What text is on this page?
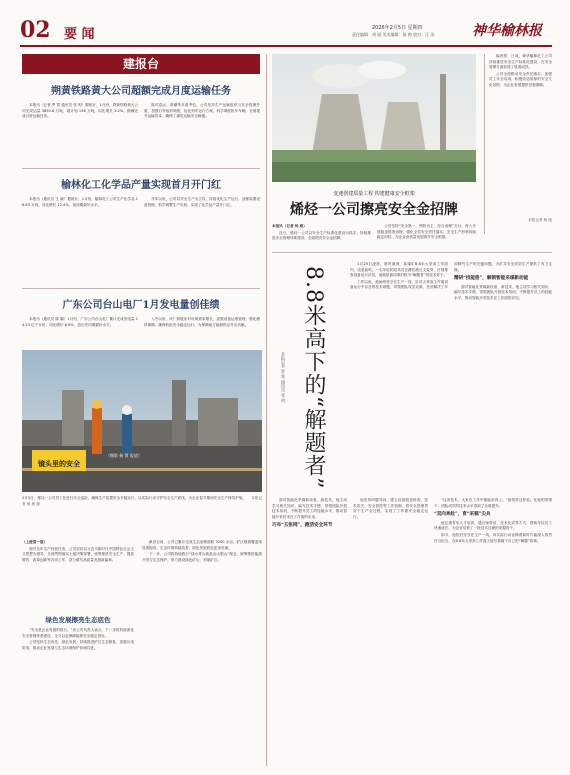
02 要 闻	2026年2月5日 星期四
责任编辑：胡 丽 美术编辑：杨 梅 校对：汪 洛	神华榆林报
建报台
朔黄铁路黄大公司超额完成月度运输任务

本报讯（记者 罗 霄 通讯员 张 明）据统计，1月份，朔黄铁路黄大公司完成运量 3850.6 万吨，超计划 156 万吨，同比增长 3.2%，圆满完成月度运输任务。

面对春运、寒潮等多重考验，公司坚持生产运输组织与安全管理并重，加强行车组织调度，优化列车运行方案，科学调度机车车辆，全面提升运输效率，确保了煤炭运输安全畅通。

榆林化工化学品产量实现首月开门红

本报讯（通讯员 王 晓）据统计，1月份，榆林化工公司生产化学品 16.83 万吨，同比增长 12.4%，创同期最好水平。

今年以来，公司以安全生产为主线，持续优化生产运行，加强装置设备管理，科学调整生产负荷，实现了化学品产量开门红。

广东公司台山电厂1月发电量创佳绩

本报讯（通讯员 陈 鹏）1月份，广东公司台山电厂累计完成发电量 14.53 亿千瓦时，同比增长 8.9%，创历史同期最好水平。

入冬以来，该厂积极应对负荷需求增长，加强设备运维管理，强化燃料保障，确保机组安全稳定运行，为保障地方能源供应作出贡献。

镜头里的安全
（摄影 杨 霄 报道）
2月5日，烯烃一公司员工在进行安全巡检，确保生产装置安全平稳运行，以实际行动守护安全生产底线，为企业春节期间安全生产保驾护航。 本报记者 杨 威 摄

（上接第一版）

面对全年生产经营任务，公司坚持以习近平新时代中国特色社会主义思想为指导，全面贯彻落实上级决策部署，统筹推进安全生产、提质增效、改革创新等各项工作，奋力谱写高质量发展新篇章。

绿色发展擦亮生态底色

“安全是企业发展的基石。”该公司负责人表示，下一步将持续深化安全管理体系建设，全力以赴保障能源安全稳定供应。

公司坚持生态优先、绿色发展，持续推进矿区生态修复，加强污染防治，推动企业发展与生态环境保护协调共进。

截至目前，公司已累计完成生态治理面积 3200 余亩，矿区植被覆盖率显著提高，生态环境持续改善，绿色发展底色更加亮丽。

下一步，公司将持续践行“绿水青山就是金山银山”理念，统筹推进能源开发与生态保护，努力建设绿色矿山、美丽矿区。

变速创建质量工程 构建健康安全框架
烯烃一公司擦亮安全金招牌

本报讯（记者 杨 威）

近日，烯烃一公司以安全生产标准化建设为抓手，持续推进安全管理体系建设，全面擦亮安全金招牌。

公司坚持“安全第一、预防为主、综合治理”方针，深入开展隐患排查治理，强化全员安全责任落实，安全生产形势持续稳定向好，为企业高质量发展筑牢安全根基。

编者按：日前，神华榆林化工公司持续推进安全生产标准化建设，在安全管理方面取得了显著成效。

公司全面推动安全责任落实，加强员工安全培训，积极营造浓厚的安全文化氛围，为企业发展提供坚强保障。

本报记者 杨 威
8.8米高下的“解题者”
本报记者 罗 霄 通讯员 张 明

1月25日凌晨，寒风凛冽，某煤矿8.8米大采高工作面内，设备轰鸣。一名年轻的技术员正蹲在液压支架旁，仔细排查设备运行状况，他就是被同事们称为“解题者”的技术骨干。

工作以来，他始终坚守在生产一线，针对大采高工作面设备运行中存在的技术难题，带领团队攻坚克难，先后解决了多项制约生产的关键问题，为矿井安全高效生产提供了有力支撑。

精研“技能册”，解锁智能采煤新动能

面对智能化采煤新设备、新技术，他主动学习相关知识，编写技术手册，带领团队开展技术培训，不断提升员工的技能水平，推动智能开采技术在工作面的应用。

面对智能化采煤新设备、新技术，他主动学习相关知识，编写技术手册，带领团队开展技术培训，不断提升员工的技能水平，推动智能开采技术在工作面的应用。

巧布“五张网”，跑活安全环节

他坚持问题导向，建立设备隐患排查、技术攻关、安全管控等工作机制，将安全管理贯穿于生产全过程，实现了工作面安全稳定运行。

“这项技术，大家在工作中都能用得上。”他常常这样说。在他的带领下，团队成员的技术水平得到了全面提升。

“双向奔赴”，育“采掘”尖兵

他注重青年人才培养，通过师带徒、技术比武等方式，帮助年轻员工快速成长，为企业培养了一批技术过硬的采掘骨干。

如今，他依旧坚守在生产一线，用实际行动诠释着新时代能源人的责任与担当，在8.8米大采高工作面上续写着属于自己的“解题”故事。
